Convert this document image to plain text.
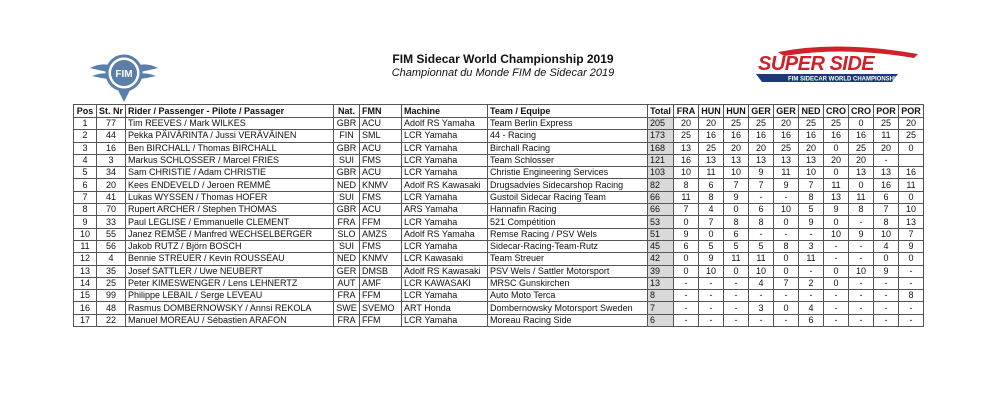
FIM
FIM Sidecar World Championship 2019
Championnat du Monde FIM de Sidecar 2019	SUPER SIDE
FIM SIDECAR WORLD CHAMPIONSHIP
Pos	St. Nr	Rider / Passenger - Pilote / Passager	Nat.	FMN	Machine	Team / Equipe	Total	FRA	HUN	HUN	GER	GER	NED	CRO	CRO	POR	POR
1	77	Tim REEVES / Mark WILKES	GBR	ACU	Adolf RS Yamaha	Team Berlin Express	205	20	20	25	25	20	25	25	0	25	20
2	44	Pekka PÄIVÄRINTA / Jussi VERÄVÄINEN	FIN	SML	LCR Yamaha	44 - Racing	173	25	16	16	16	16	16	16	16	11	25
3	16	Ben BIRCHALL / Thomas BIRCHALL	GBR	ACU	LCR Yamaha	Birchall Racing	168	13	25	20	20	25	20	0	25	20	0
4	3	Markus SCHLOSSER / Marcel FRIES	SUI	FMS	LCR Yamaha	Team Schlosser	121	16	13	13	13	13	13	20	20	-	
5	34	Sam CHRISTIE / Adam CHRISTIE	GBR	ACU	LCR Yamaha	Christie Engineering Services	103	10	11	10	9	11	10	0	13	13	16
6	20	Kees ENDEVELD / Jeroen REMMÉ	NED	KNMV	Adolf RS Kawasaki	Drugsadvies Sidecarshop Racing	82	8	6	7	7	9	7	11	0	16	11
7	41	Lukas WYSSEN / Thomas HOFER	SUI	FMS	LCR Yamaha	Gustoil Sidecar Racing Team	66	11	8	9	-	-	8	13	11	6	0
8	70	Rupert ARCHER / Stephen THOMAS	GBR	ACU	ARS Yamaha	Hannafin Racing	66	7	4	0	6	10	5	9	8	7	10
9	33	Paul LEGLISE / Emmanuelle CLEMENT	FRA	FFM	LCR Yamaha	521 Compétition	53	0	7	8	8	0	9	0	-	8	13
10	55	Janez REMŠE / Manfred WECHSELBERGER	SLO	AMZS	Adolf RS Yamaha	Remse Racing / PSV Wels	51	9	0	6	-	-	-	10	9	10	7
11	56	Jakob RUTZ / Björn BOSCH	SUI	FMS	LCR Yamaha	Sidecar-Racing-Team-Rutz	45	6	5	5	5	8	3	-	-	4	9
12	4	Bennie STREUER / Kevin ROUSSEAU	NED	KNMV	LCR Kawasaki	Team Streuer	42	0	9	11	11	0	11	-	-	0	0
13	35	Josef SATTLER / Uwe NEUBERT	GER	DMSB	Adolf RS Kawasaki	PSV Wels / Sattler Motorsport	39	0	10	0	10	0	-	0	10	9	-
14	25	Peter KIMESWENGER / Lens LEHNERTZ	AUT	AMF	LCR KAWASAKI	MRSC Gunskirchen	13	-	-	-	4	7	2	0	-	-	-
15	99	Philippe LEBAIL / Serge LEVEAU	FRA	FFM	LCR Yamaha	Auto Moto Terca	8	-	-	-	-	-	-	-	-	-	8
16	48	Rasmus DOMBERNOWSKY / Annsi REKOLA	SWE	SVEMO	ART Honda	Dombernowsky Motorsport Sweden	7	-	-	-	3	0	4	-	-	-	-
17	22	Manuel MOREAU / Sébastien ARAFON	FRA	FFM	LCR Yamaha	Moreau Racing Side	6	-	-	-	-	-	6	-	-	-	-
